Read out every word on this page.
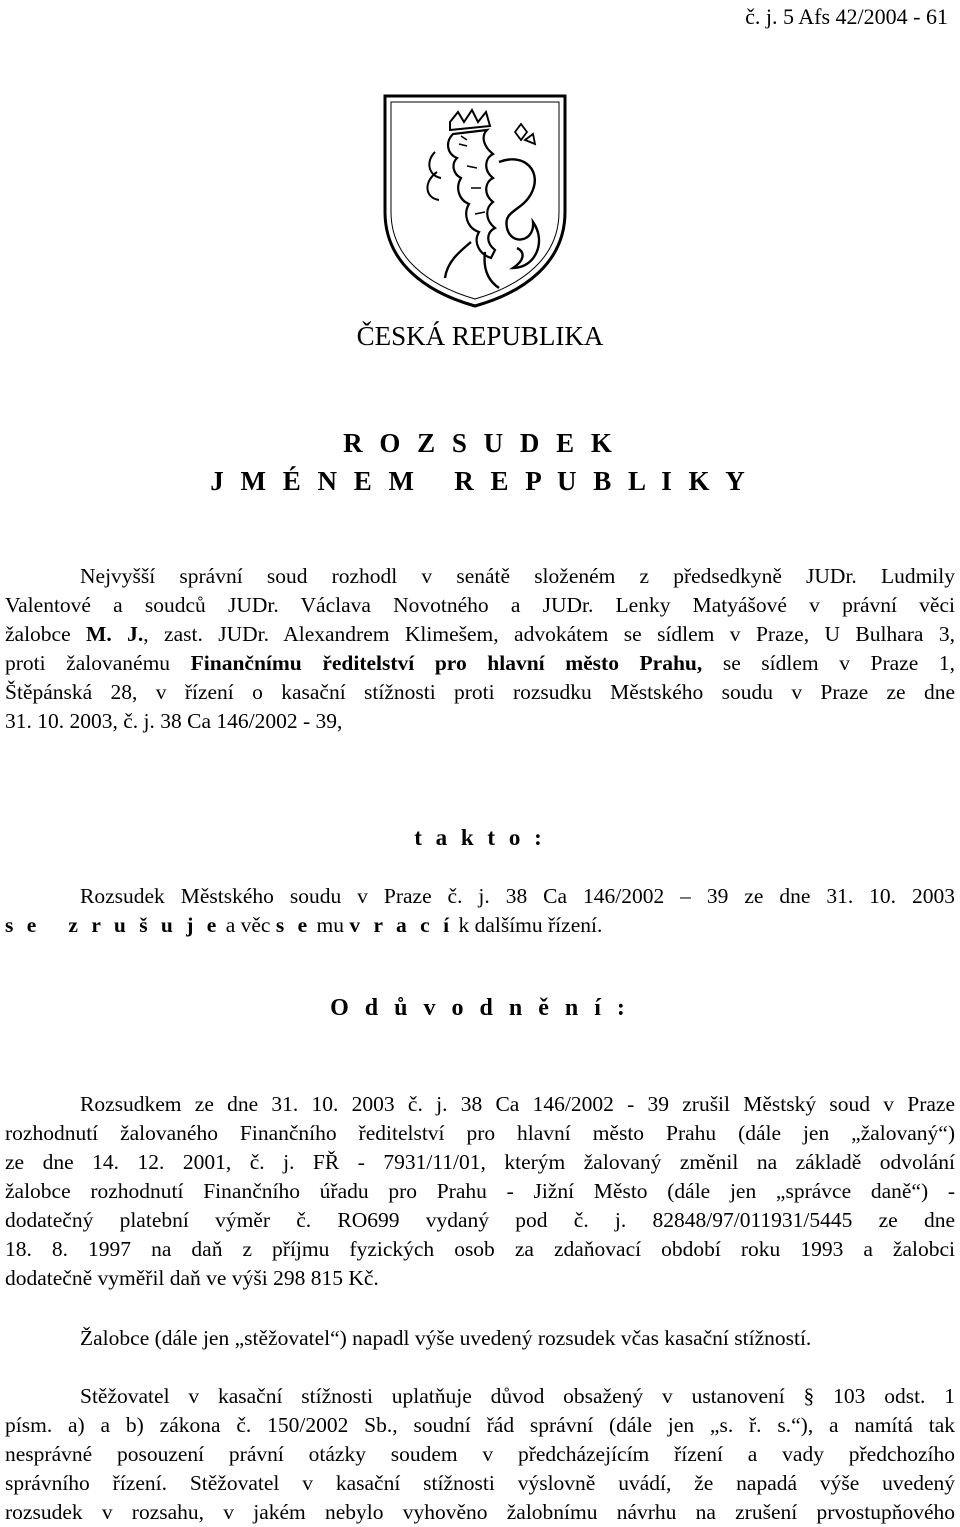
č. j. 5 Afs 42/2004 - 61
ČESKÁ REPUBLIKA
R O Z S U D E K
J M É N E M   R E P U B L I K Y
Nejvyšší správní soud rozhodl v senátě složeném z předsedkyně JUDr. Ludmily
Valentové a soudců JUDr. Václava Novotného a JUDr. Lenky Matyášové v právní věci
žalobce M. J., zast. JUDr. Alexandrem Klimešem, advokátem se sídlem v Praze, U Bulhara 3,
proti žalovanému Finančnímu ředitelství pro hlavní město Prahu, se sídlem v Praze 1,
Štěpánská 28, v řízení o kasační stížnosti proti rozsudku Městského soudu v Praze ze dne
31. 10. 2003, č. j. 38 Ca 146/2002 - 39,
t a k t o :
Rozsudek Městského soudu v Praze č. j. 38 Ca 146/2002 – 39 ze dne 31. 10. 2003
s e   z r u š u j e a věc s e mu v r a c í k dalšímu řízení.
O d ů v o d n ě n í :
Rozsudkem ze dne 31. 10. 2003 č. j. 38 Ca 146/2002 - 39 zrušil Městský soud v Praze
rozhodnutí žalovaného Finančního ředitelství pro hlavní město Prahu (dále jen „žalovaný“)
ze dne 14. 12. 2001, č. j. FŘ - 7931/11/01, kterým žalovaný změnil na základě odvolání
žalobce rozhodnutí Finančního úřadu pro Prahu - Jižní Město (dále jen „správce daně“) -
dodatečný platební výměr č. RO699 vydaný pod č. j. 82848/97/011931/5445 ze dne
18. 8. 1997 na daň z příjmu fyzických osob za zdaňovací období roku 1993 a žalobci
dodatečně vyměřil daň ve výši 298 815 Kč.
Žalobce (dále jen „stěžovatel“) napadl výše uvedený rozsudek včas kasační stížností.
Stěžovatel v kasační stížnosti uplatňuje důvod obsažený v ustanovení § 103 odst. 1
písm. a) a b) zákona č. 150/2002 Sb., soudní řád správní (dále jen „s. ř. s.“), a namítá tak
nesprávné posouzení právní otázky soudem v předcházejícím řízení a vady předchozího
správního řízení. Stěžovatel v kasační stížnosti výslovně uvádí, že napadá výše uvedený
rozsudek v rozsahu, v jakém nebylo vyhověno žalobnímu návrhu na zrušení prvostupňového
